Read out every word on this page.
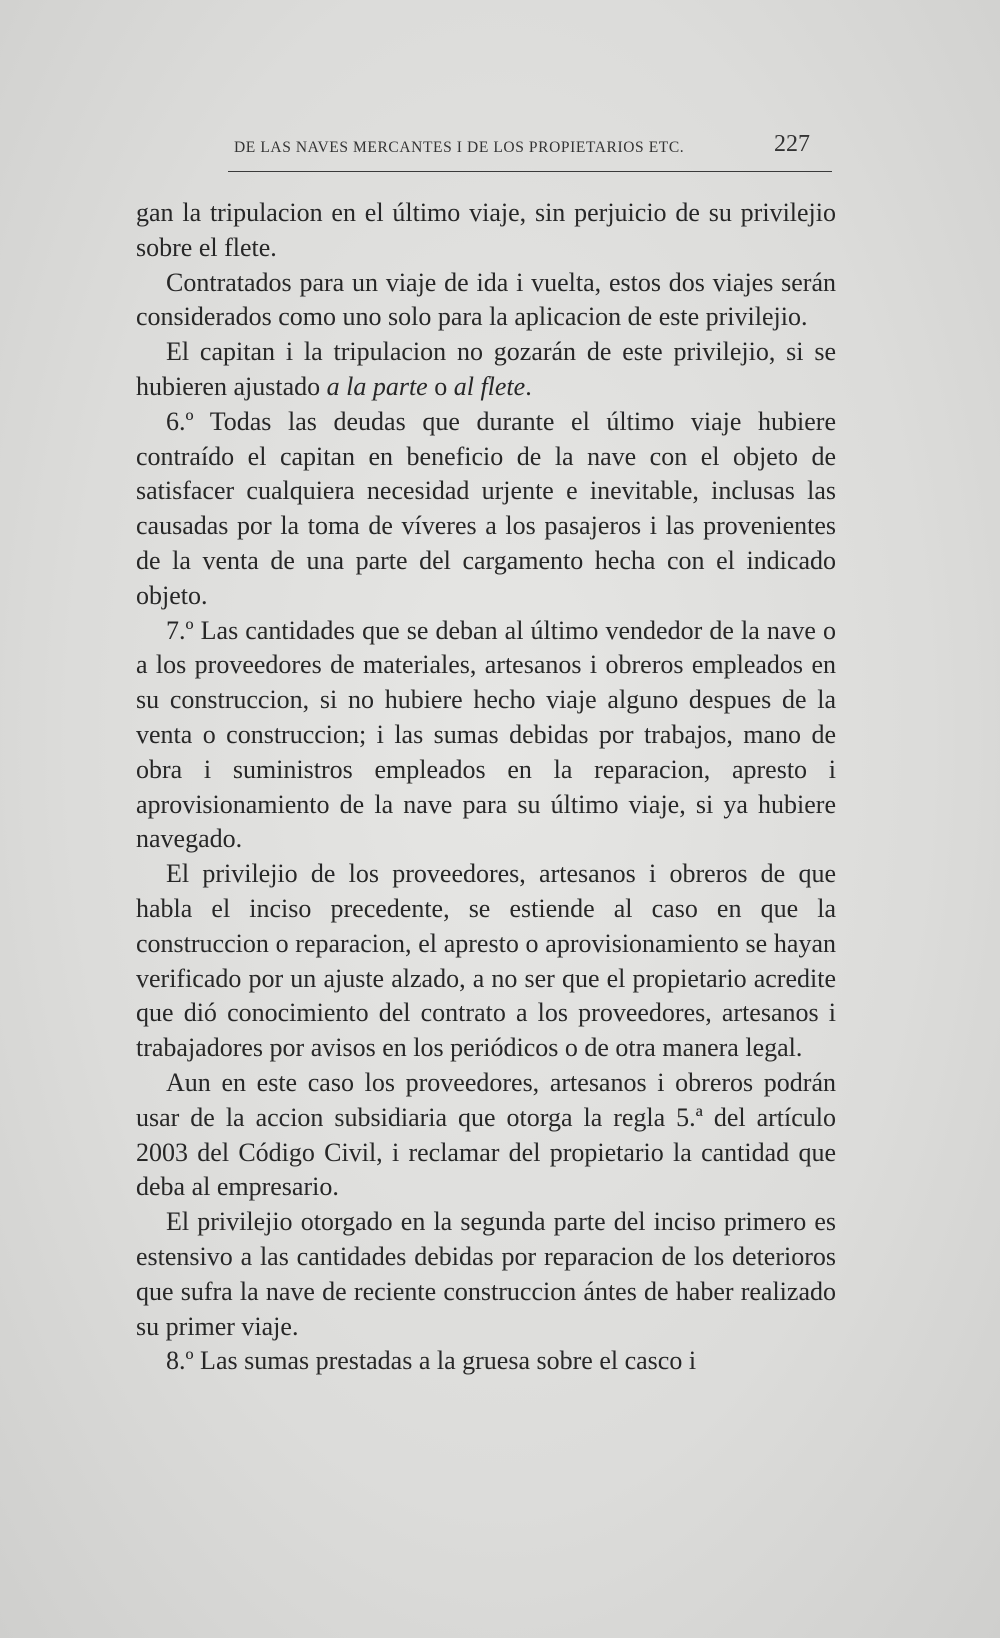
DE LAS NAVES MERCANTES I DE LOS PROPIETARIOS ETC.	227

gan la tripulacion en el último viaje, sin perjuicio de su privilejio sobre el flete.

Contratados para un viaje de ida i vuelta, estos dos viajes serán considerados como uno solo para la aplicacion de este privilejio.

El capitan i la tripulacion no gozarán de este privilejio, si se hubieren ajustado a la parte o al flete.

6.º Todas las deudas que durante el último viaje hubiere contraído el capitan en beneficio de la nave con el objeto de satisfacer cualquiera necesidad urjente e inevitable, inclusas las causadas por la toma de víveres a los pasajeros i las provenientes de la venta de una parte del cargamento hecha con el indicado objeto.

7.º Las cantidades que se deban al último vendedor de la nave o a los proveedores de materiales, artesanos i obreros empleados en su construccion, si no hubiere hecho viaje alguno despues de la venta o construccion; i las sumas debidas por trabajos, mano de obra i suministros empleados en la reparacion, apresto i aprovisionamiento de la nave para su último viaje, si ya hubiere navegado.

El privilejio de los proveedores, artesanos i obreros de que habla el inciso precedente, se estiende al caso en que la construccion o reparacion, el apresto o aprovisionamiento se hayan verificado por un ajuste alzado, a no ser que el propietario acredite que dió conocimiento del contrato a los proveedores, artesanos i trabajadores por avisos en los periódicos o de otra manera legal.

Aun en este caso los proveedores, artesanos i obreros podrán usar de la accion subsidiaria que otorga la regla 5.ª del artículo 2003 del Código Civil, i reclamar del propietario la cantidad que deba al empresario.

El privilejio otorgado en la segunda parte del inciso primero es estensivo a las cantidades debidas por reparacion de los deterioros que sufra la nave de reciente construccion ántes de haber realizado su primer viaje.

8.º Las sumas prestadas a la gruesa sobre el casco i
